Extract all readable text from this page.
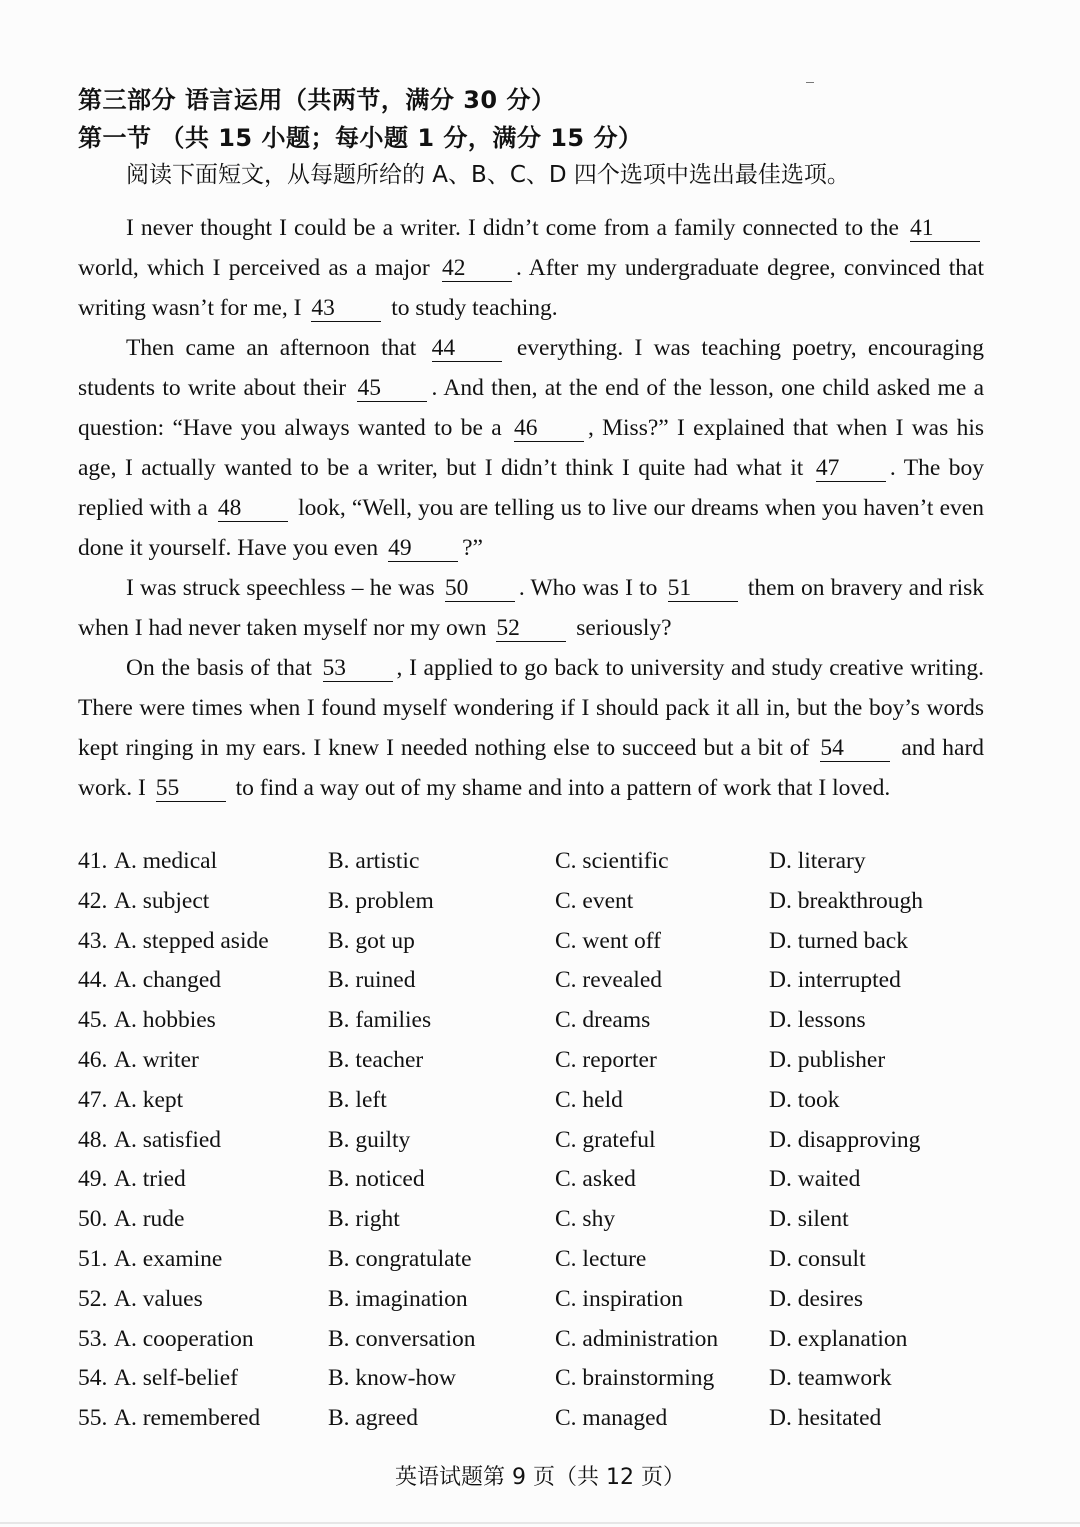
第三部分 语言运用（共两节，满分 30 分）
第一节 （共 15 小题；每小题 1 分，满分 15 分）
阅读下面短文，从每题所给的 A、B、C、D 四个选项中选出最佳选项。

I never thought I could be a writer. I didn’t come from a family connected to the 41 world, which I perceived as a major 42 . After my undergraduate degree, convinced that writing wasn’t for me, I 43 to study teaching.

Then came an afternoon that 44	everything. I was teaching poetry, encouraging students to write about their 45 . And then, at the end of the lesson, one child asked me a question: “Have you always wanted to be a 46 , Miss?” I explained that when I was his age, I actually wanted to be a writer, but I didn’t think I quite had what it 47 . The boy replied with a 48 look, “Well, you are telling us to live our dreams when you haven’t even done it yourself. Have you even 49 ?”

I was struck speechless – he was 50 . Who was I to 51 them on bravery and risk when I had never taken myself nor my own 52 seriously?

On the basis of that 53 , I applied to go back to university and study creative writing. There were times when I found myself wondering if I should pack it all in, but the boy’s words kept ringing in my ears. I knew I needed nothing else to succeed but a bit of 54 and hard work. I 55 to find a way out of my shame and into a pattern of work that I loved.

41. A. medical	B. artistic	C. scientific	D. literary
42. A. subject	B. problem	C. event	D. breakthrough
43. A. stepped aside	B. got up	C. went off	D. turned back
44. A. changed	B. ruined	C. revealed	D. interrupted
45. A. hobbies	B. families	C. dreams	D. lessons
46. A. writer	B. teacher	C. reporter	D. publisher
47. A. kept	B. left	C. held	D. took
48. A. satisfied	B. guilty	C. grateful	D. disapproving
49. A. tried	B. noticed	C. asked	D. waited
50. A. rude	B. right	C. shy	D. silent
51. A. examine	B. congratulate	C. lecture	D. consult
52. A. values	B. imagination	C. inspiration	D. desires
53. A. cooperation	B. conversation	C. administration D. explanation
54. A. self-belief	B. know-how	C. brainstorming D. teamwork
55. A. remembered	B. agreed	C. managed	D. hesitated
英语试题第 9 页（共 12 页）
